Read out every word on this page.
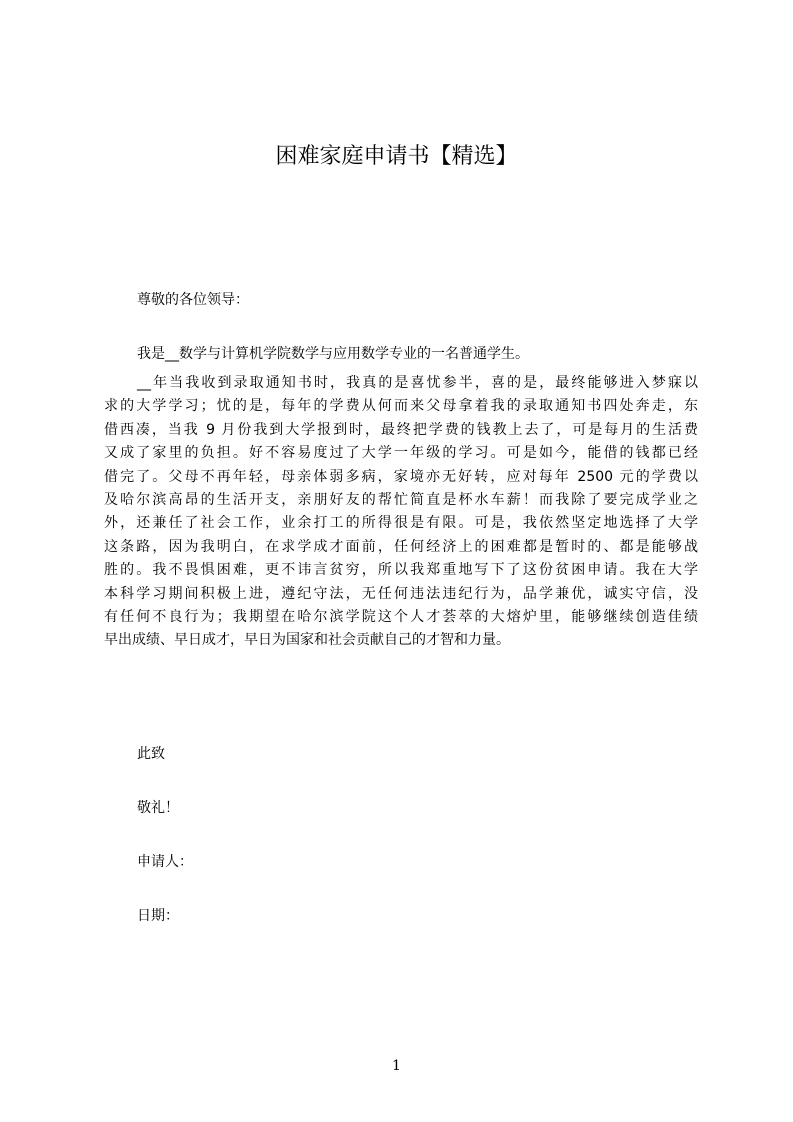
困难家庭申请书【精选】

尊敬的各位领导：

我是__数学与计算机学院数学与应用数学专业的一名普通学生。

__年当我收到录取通知书时，我真的是喜忧参半，喜的是，最终能够进入梦寐以
求的大学学习；忧的是，每年的学费从何而来父母拿着我的录取通知书四处奔走，东
借西凑，当我 9 月份我到大学报到时，最终把学费的钱教上去了，可是每月的生活费
又成了家里的负担。好不容易度过了大学一年级的学习。可是如今，能借的钱都已经
借完了。父母不再年轻，母亲体弱多病，家境亦无好转，应对每年 2500 元的学费以
及哈尔滨高昂的生活开支，亲朋好友的帮忙简直是杯水车薪！而我除了要完成学业之
外，还兼任了社会工作，业余打工的所得很是有限。可是，我依然坚定地选择了大学
这条路，因为我明白，在求学成才面前，任何经济上的困难都是暂时的、都是能够战
胜的。我不畏惧困难，更不讳言贫穷，所以我郑重地写下了这份贫困申请。我在大学
本科学习期间积极上进，遵纪守法，无任何违法违纪行为，品学兼优，诚实守信，没
有任何不良行为；我期望在哈尔滨学院这个人才荟萃的大熔炉里，能够继续创造佳绩
早出成绩、早日成才，早日为国家和社会贡献自己的才智和力量。

此致

敬礼！

申请人：

日期：

1
